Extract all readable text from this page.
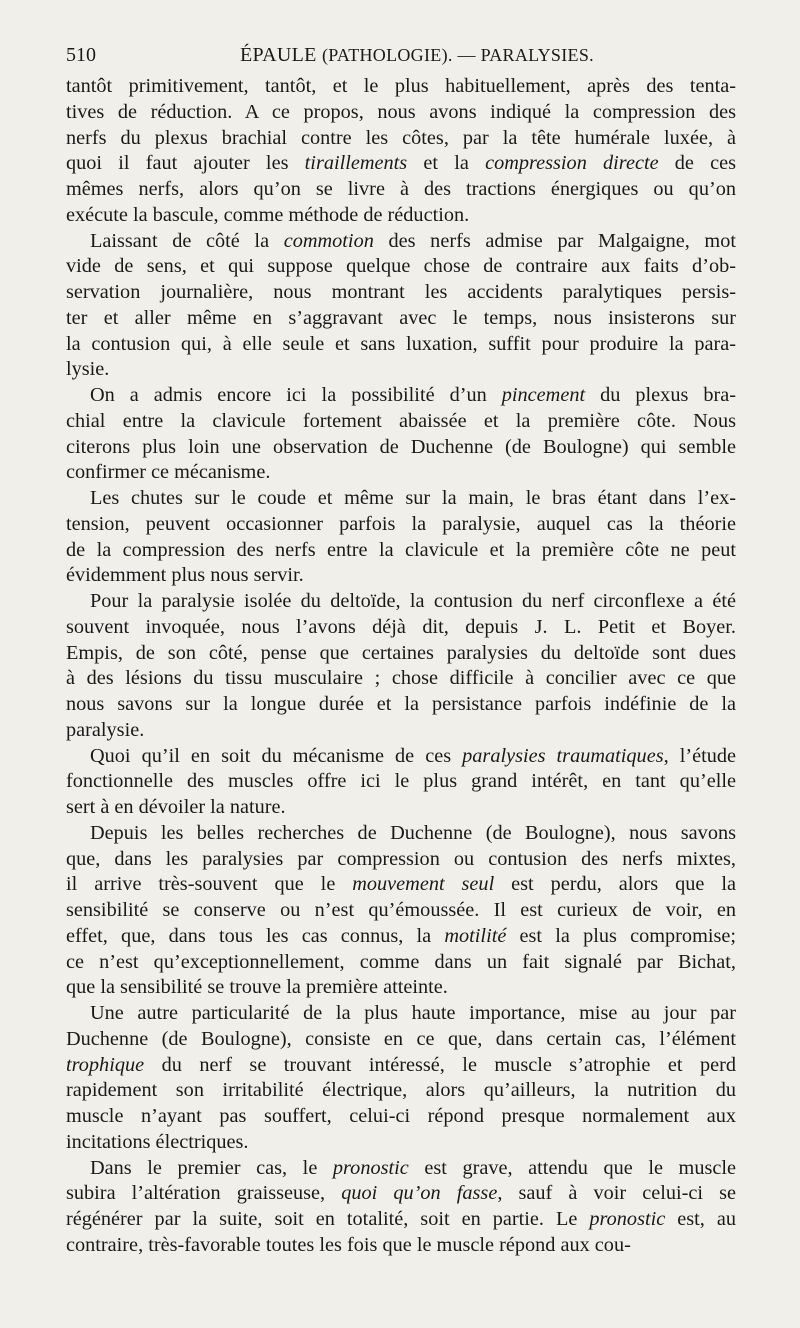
510	ÉPAULE (PATHOLOGIE). — PARALYSIES.

tantôt primitivement, tantôt, et le plus habituellement, après des tenta-
tives de réduction. A ce propos, nous avons indiqué la compression des
nerfs du plexus brachial contre les côtes, par la tête humérale luxée, à
quoi il faut ajouter les tiraillements et la compression directe de ces
mêmes nerfs, alors qu’on se livre à des tractions énergiques ou qu’on
exécute la bascule, comme méthode de réduction.

Laissant de côté la commotion des nerfs admise par Malgaigne, mot
vide de sens, et qui suppose quelque chose de contraire aux faits d’ob-
servation journalière, nous montrant les accidents paralytiques persis-
ter et aller même en s’aggravant avec le temps, nous insisterons sur
la contusion qui, à elle seule et sans luxation, suffit pour produire la para-
lysie.

On a admis encore ici la possibilité d’un pincement du plexus bra-
chial entre la clavicule fortement abaissée et la première côte. Nous
citerons plus loin une observation de Duchenne (de Boulogne) qui semble
confirmer ce mécanisme.

Les chutes sur le coude et même sur la main, le bras étant dans l’ex-
tension, peuvent occasionner parfois la paralysie, auquel cas la théorie
de la compression des nerfs entre la clavicule et la première côte ne peut
évidemment plus nous servir.

Pour la paralysie isolée du deltoïde, la contusion du nerf circonflexe a été
souvent invoquée, nous l’avons déjà dit, depuis J. L. Petit et Boyer.
Empis, de son côté, pense que certaines paralysies du deltoïde sont dues
à des lésions du tissu musculaire ; chose difficile à concilier avec ce que
nous savons sur la longue durée et la persistance parfois indéfinie de la
paralysie.

Quoi qu’il en soit du mécanisme de ces paralysies traumatiques, l’étude
fonctionnelle des muscles offre ici le plus grand intérêt, en tant qu’elle
sert à en dévoiler la nature.

Depuis les belles recherches de Duchenne (de Boulogne), nous savons
que, dans les paralysies par compression ou contusion des nerfs mixtes,
il arrive très-souvent que le mouvement seul est perdu, alors que la
sensibilité se conserve ou n’est qu’émoussée. Il est curieux de voir, en
effet, que, dans tous les cas connus, la motilité est la plus compromise;
ce n’est qu’exceptionnellement, comme dans un fait signalé par Bichat,
que la sensibilité se trouve la première atteinte.

Une autre particularité de la plus haute importance, mise au jour par
Duchenne (de Boulogne), consiste en ce que, dans certain cas, l’élément
trophique du nerf se trouvant intéressé, le muscle s’atrophie et perd
rapidement son irritabilité électrique, alors qu’ailleurs, la nutrition du
muscle n’ayant pas souffert, celui-ci répond presque normalement aux
incitations électriques.

Dans le premier cas, le pronostic est grave, attendu que le muscle
subira l’altération graisseuse, quoi qu’on fasse, sauf à voir celui-ci se
régénérer par la suite, soit en totalité, soit en partie. Le pronostic est, au
contraire, très-favorable toutes les fois que le muscle répond aux cou-
